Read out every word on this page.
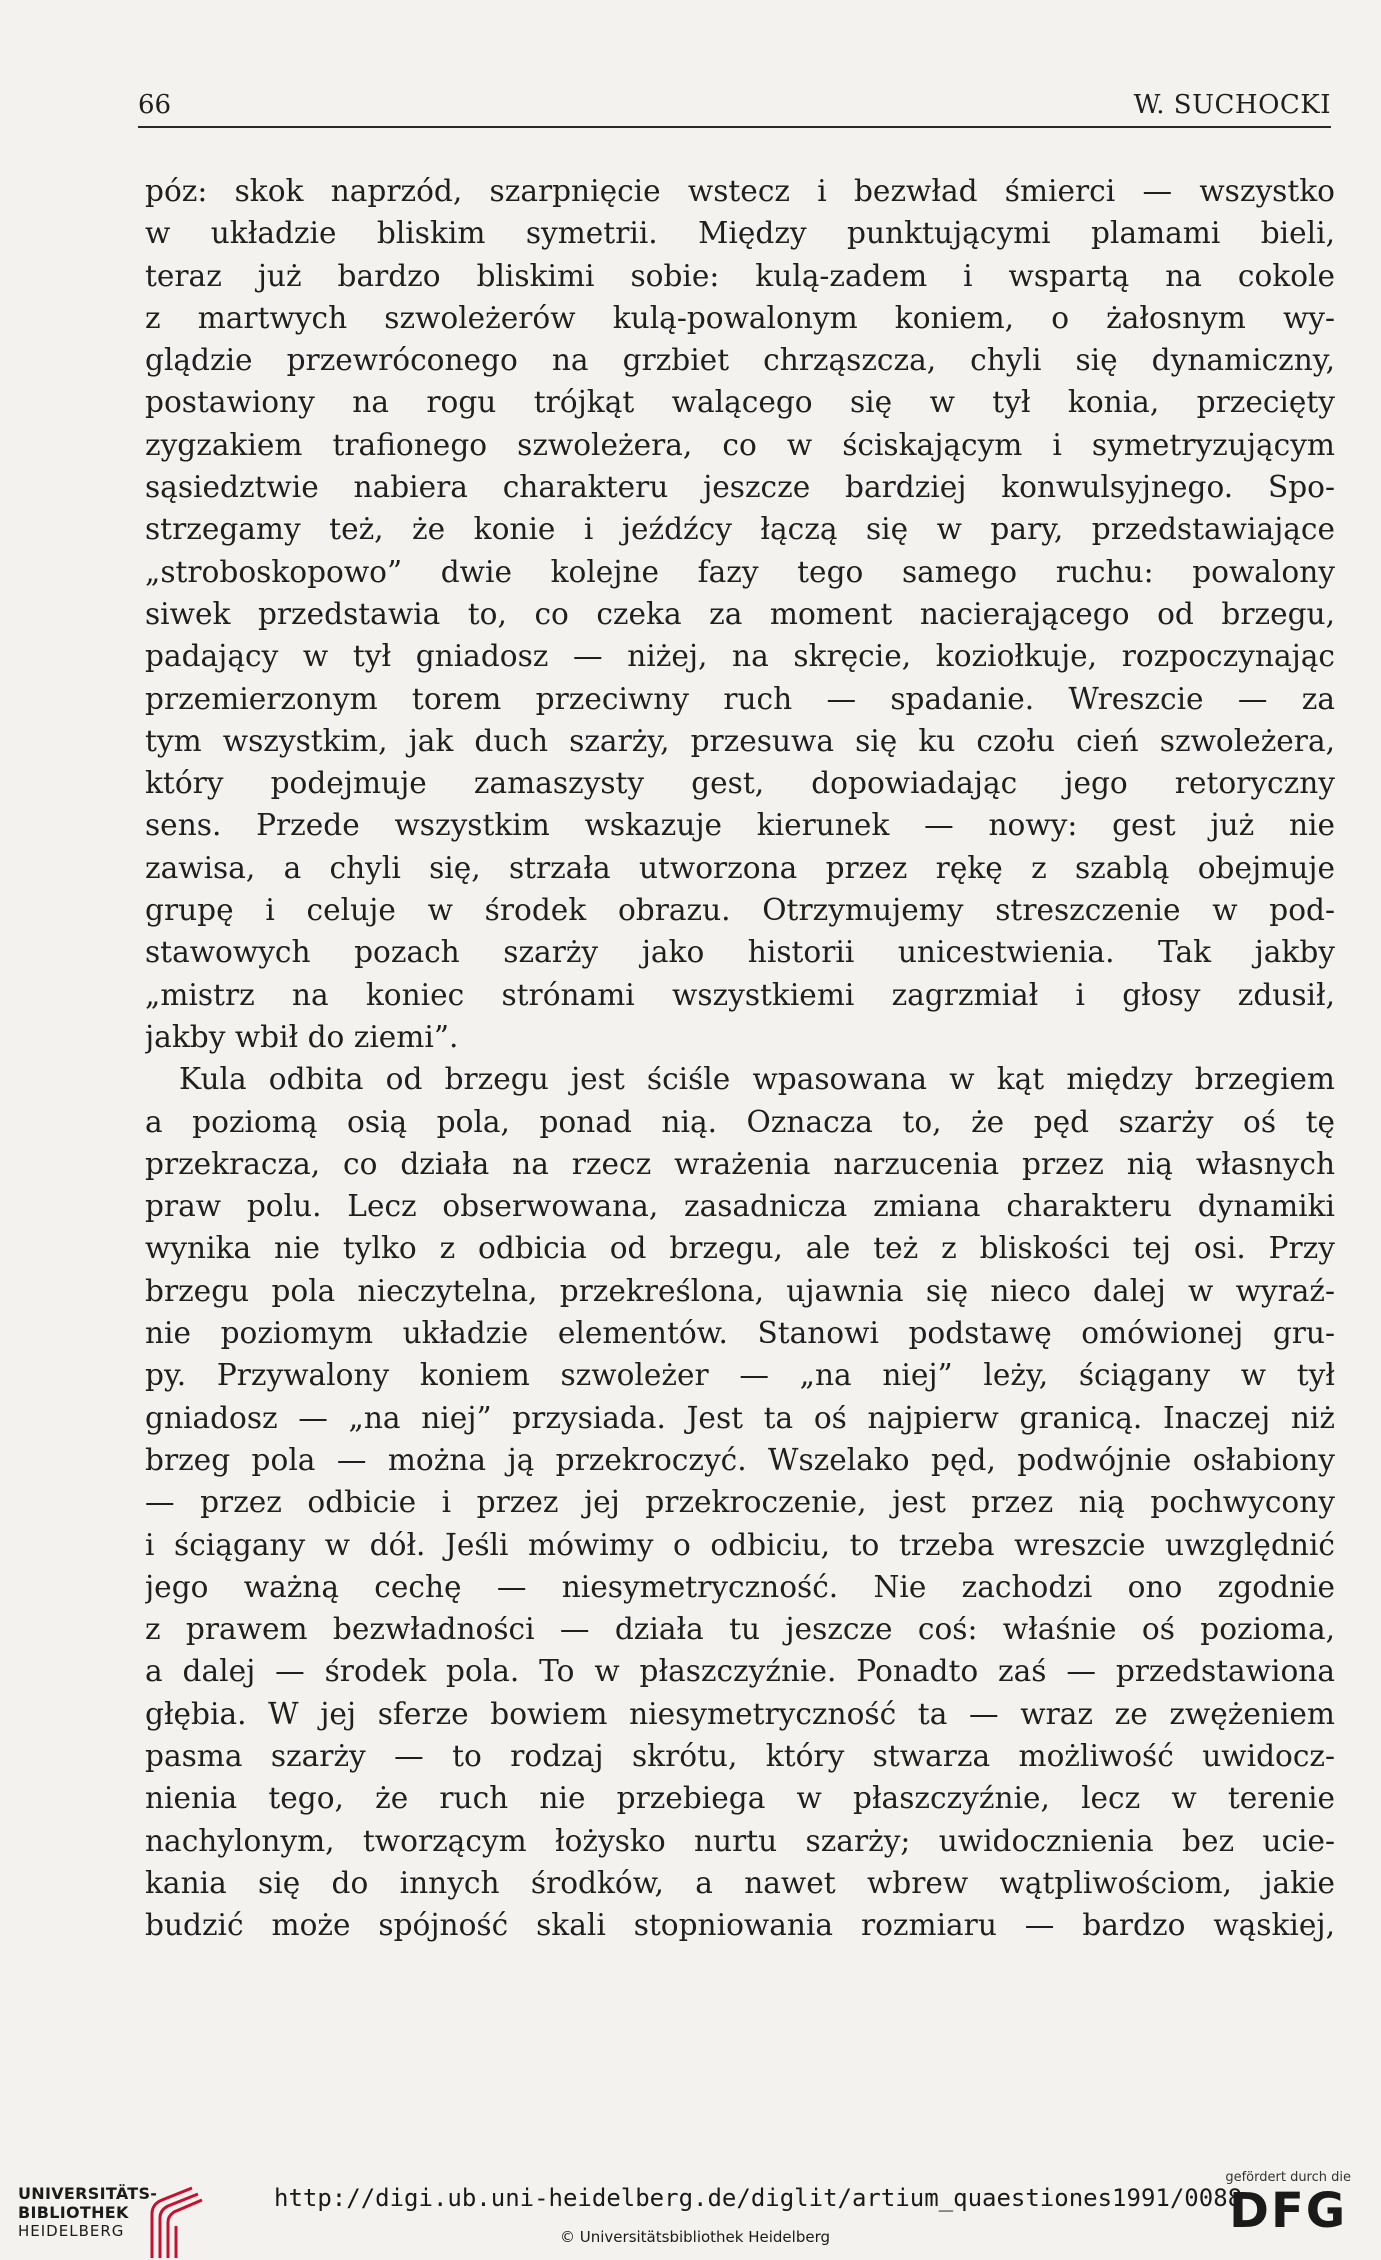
66	W. SUCHOCKI
póz: skok naprzód, szarpnięcie wstecz i bezwład śmierci — wszystko
w układzie bliskim symetrii. Między punktującymi plamami bieli,
teraz już bardzo bliskimi sobie: kulą-zadem i wspartą na cokole
z martwych szwoleżerów kulą-powalonym koniem, o żałosnym wy-
glądzie przewróconego na grzbiet chrząszcza, chyli się dynamiczny,
postawiony na rogu trójkąt walącego się w tył konia, przecięty
zygzakiem trafionego szwoleżera, co w ściskającym i symetryzującym
sąsiedztwie nabiera charakteru jeszcze bardziej konwulsyjnego. Spo-
strzegamy też, że konie i jeźdźcy łączą się w pary, przedstawiające
„stroboskopowo” dwie kolejne fazy tego samego ruchu: powalony
siwek przedstawia to, co czeka za moment nacierającego od brzegu,
padający w tył gniadosz — niżej, na skręcie, koziołkuje, rozpoczynając
przemierzonym torem przeciwny ruch — spadanie. Wreszcie — za
tym wszystkim, jak duch szarży, przesuwa się ku czołu cień szwoleżera,
który podejmuje zamaszysty gest, dopowiadając jego retoryczny
sens. Przede wszystkim wskazuje kierunek — nowy: gest już nie
zawisa, a chyli się, strzała utworzona przez rękę z szablą obejmuje
grupę i celuje w środek obrazu. Otrzymujemy streszczenie w pod-
stawowych pozach szarży jako historii unicestwienia. Tak jakby
„mistrz na koniec strónami wszystkiemi zagrzmiał i głosy zdusił,
jakby wbił do ziemi”.
Kula odbita od brzegu jest ściśle wpasowana w kąt między brzegiem
a poziomą osią pola, ponad nią. Oznacza to, że pęd szarży oś tę
przekracza, co działa na rzecz wrażenia narzucenia przez nią własnych
praw polu. Lecz obserwowana, zasadnicza zmiana charakteru dynamiki
wynika nie tylko z odbicia od brzegu, ale też z bliskości tej osi. Przy
brzegu pola nieczytelna, przekreślona, ujawnia się nieco dalej w wyraź-
nie poziomym układzie elementów. Stanowi podstawę omówionej gru-
py. Przywalony koniem szwoleżer — „na niej” leży, ściągany w tył
gniadosz — „na niej” przysiada. Jest ta oś najpierw granicą. Inaczej niż
brzeg pola — można ją przekroczyć. Wszelako pęd, podwójnie osłabiony
— przez odbicie i przez jej przekroczenie, jest przez nią pochwycony
i ściągany w dół. Jeśli mówimy o odbiciu, to trzeba wreszcie uwzględnić
jego ważną cechę — niesymetryczność. Nie zachodzi ono zgodnie
z prawem bezwładności — działa tu jeszcze coś: właśnie oś pozioma,
a dalej — środek pola. To w płaszczyźnie. Ponadto zaś — przedstawiona
głębia. W jej sferze bowiem niesymetryczność ta — wraz ze zwężeniem
pasma szarży — to rodzaj skrótu, który stwarza możliwość uwidocz-
nienia tego, że ruch nie przebiega w płaszczyźnie, lecz w terenie
nachylonym, tworzącym łożysko nurtu szarży; uwidocznienia bez ucie-
kania się do innych środków, a nawet wbrew wątpliwościom, jakie
budzić może spójność skali stopniowania rozmiaru — bardzo wąskiej,
UNIVERSITÄTS-
BIBLIOTHEK
HEIDELBERG
http://digi.ub.uni-heidelberg.de/diglit/artium_quaestiones1991/0088
© Universitätsbibliothek Heidelberg
gefördert durch die
DFG
